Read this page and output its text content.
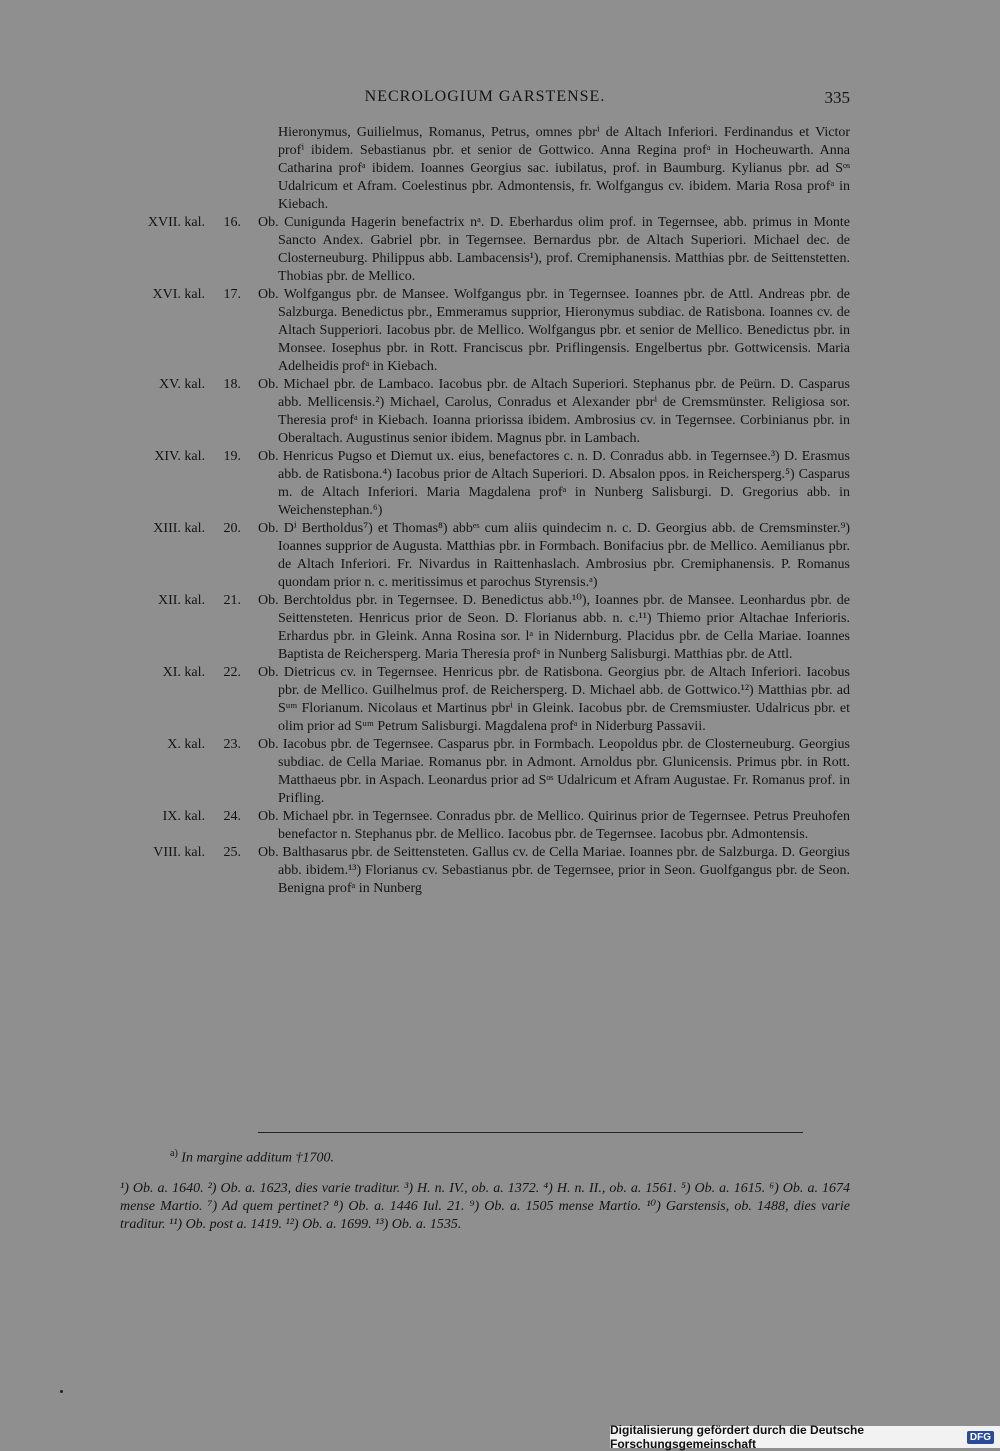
NECROLOGIUM GARSTENSE.	335
Hieronymus, Guilielmus, Romanus, Petrus, omnes pbrⁱ de Altach Inferiori. Ferdinandus et Victor profⁱ ibidem. Sebastianus pbr. et senior de Gottwico. Anna Regina profᵃ in Hocheuwarth. Anna Catharina profᵃ ibidem. Ioannes Georgius sac. iubilatus, prof. in Baumburg. Kylianus pbr. ad Sᵒˢ Udalricum et Afram. Coelestinus pbr. Admontensis, fr. Wolfgangus cv. ibidem. Maria Rosa profᵃ in Kiebach.
XVII. kal.	16. Ob. Cunigunda Hagerin benefactrix nᵃ. D. Eberhardus olim prof. in Tegernsee, abb. primus in Monte Sancto Andex. Gabriel pbr. in Tegernsee. Bernardus pbr. de Altach Superiori. Michael dec. de Closterneuburg. Philippus abb. Lambacensis¹), prof. Cremiphanensis. Matthias pbr. de Seittenstetten. Thobias pbr. de Mellico.
XVI. kal.	17. Ob. Wolfgangus pbr. de Mansee. Wolfgangus pbr. in Tegernsee. Ioannes pbr. de Attl. Andreas pbr. de Salzburga. Benedictus pbr., Emmeramus supprior, Hieronymus subdiac. de Ratisbona. Ioannes cv. de Altach Supperiori. Iacobus pbr. de Mellico. Wolfgangus pbr. et senior de Mellico. Benedictus pbr. in Monsee. Iosephus pbr. in Rott. Franciscus pbr. Priflingensis. Engelbertus pbr. Gottwicensis. Maria Adelheidis profᵃ in Kiebach.
XV. kal.	18. Ob. Michael pbr. de Lambaco. Iacobus pbr. de Altach Superiori. Stephanus pbr. de Peürn. D. Casparus abb. Mellicensis.²) Michael, Carolus, Conradus et Alexander pbrⁱ de Cremsmünster. Religiosa sor. Theresia profᵃ in Kiebach. Ioanna priorissa ibidem. Ambrosius cv. in Tegernsee. Corbinianus pbr. in Oberaltach. Augustinus senior ibidem. Magnus pbr. in Lambach.
XIV. kal.	19. Ob. Henricus Pugso et Diemut ux. eius, benefactores c. n. D. Conradus abb. in Tegernsee.³) D. Erasmus abb. de Ratisbona.⁴) Iacobus prior de Altach Superiori. D. Absalon ppos. in Reichersperg.⁵) Casparus m. de Altach Inferiori. Maria Magdalena profᵃ in Nunberg Salisburgi. D. Gregorius abb. in Weichenstephan.⁶)
XIII. kal.	20. Ob. Dⁱ Bertholdus⁷) et Thomas⁸) abbᵉˢ cum aliis quindecim n. c. D. Georgius abb. de Cremsminster.⁹) Ioannes supprior de Augusta. Matthias pbr. in Formbach. Bonifacius pbr. de Mellico. Aemilianus pbr. de Altach Inferiori. Fr. Nivardus in Raittenhaslach. Ambrosius pbr. Cremiphanensis. P. Romanus quondam prior n. c. meritissimus et parochus Styrensis.ᵃ)
XII. kal.	21. Ob. Berchtoldus pbr. in Tegernsee. D. Benedictus abb.¹⁰), Ioannes pbr. de Mansee. Leonhardus pbr. de Seittensteten. Henricus prior de Seon. D. Florianus abb. n. c.¹¹) Thiemo prior Altachae Inferioris. Erhardus pbr. in Gleink. Anna Rosina sor. lᵃ in Nidernburg. Placidus pbr. de Cella Mariae. Ioannes Baptista de Reichersperg. Maria Theresia profᵃ in Nunberg Salisburgi. Matthias pbr. de Attl.
XI. kal.	22. Ob. Dietricus cv. in Tegernsee. Henricus pbr. de Ratisbona. Georgius pbr. de Altach Inferiori. Iacobus pbr. de Mellico. Guilhelmus prof. de Reichersperg. D. Michael abb. de Gottwico.¹²) Matthias pbr. ad Sᵘᵐ Florianum. Nicolaus et Martinus pbrⁱ in Gleink. Iacobus pbr. de Cremsmiuster. Udalricus pbr. et olim prior ad Sᵘᵐ Petrum Salisburgi. Magdalena profᵃ in Niderburg Passavii.
X. kal.	23. Ob. Iacobus pbr. de Tegernsee. Casparus pbr. in Formbach. Leopoldus pbr. de Closterneuburg. Georgius subdiac. de Cella Mariae. Romanus pbr. in Admont. Arnoldus pbr. Glunicensis. Primus pbr. in Rott. Matthaeus pbr. in Aspach. Leonardus prior ad Sᵒˢ Udalricum et Afram Augustae. Fr. Romanus prof. in Prifling.
IX. kal.	24. Ob. Michael pbr. in Tegernsee. Conradus pbr. de Mellico. Quirinus prior de Tegernsee. Petrus Preuhofen benefactor n. Stephanus pbr. de Mellico. Iacobus pbr. de Tegernsee. Iacobus pbr. Admontensis.
VIII. kal.	25. Ob. Balthasarus pbr. de Seittensteten. Gallus cv. de Cella Mariae. Ioannes pbr. de Salzburga. D. Georgius abb. ibidem.¹³) Florianus cv. Sebastianus pbr. de Tegernsee, prior in Seon. Guolfgangus pbr. de Seon. Benigna profᵃ in Nunberg
$^{a)}$ In margine additum †1700.
¹) Ob. a. 1640. ²) Ob. a. 1623, dies varie traditur. ³) H. n. IV., ob. a. 1372. ⁴) H. n. II., ob. a. 1561. ⁵) Ob. a. 1615. ⁶) Ob. a. 1674 mense Martio. ⁷) Ad quem pertinet? ⁸) Ob. a. 1446 Iul. 21. ⁹) Ob. a. 1505 mense Martio. ¹⁰) Garstensis, ob. 1488, dies varie traditur. ¹¹) Ob. post a. 1419. ¹²) Ob. a. 1699. ¹³) Ob. a. 1535.
Digitalisierung gefördert durch die Deutsche Forschungsgemeinschaft	DFG
